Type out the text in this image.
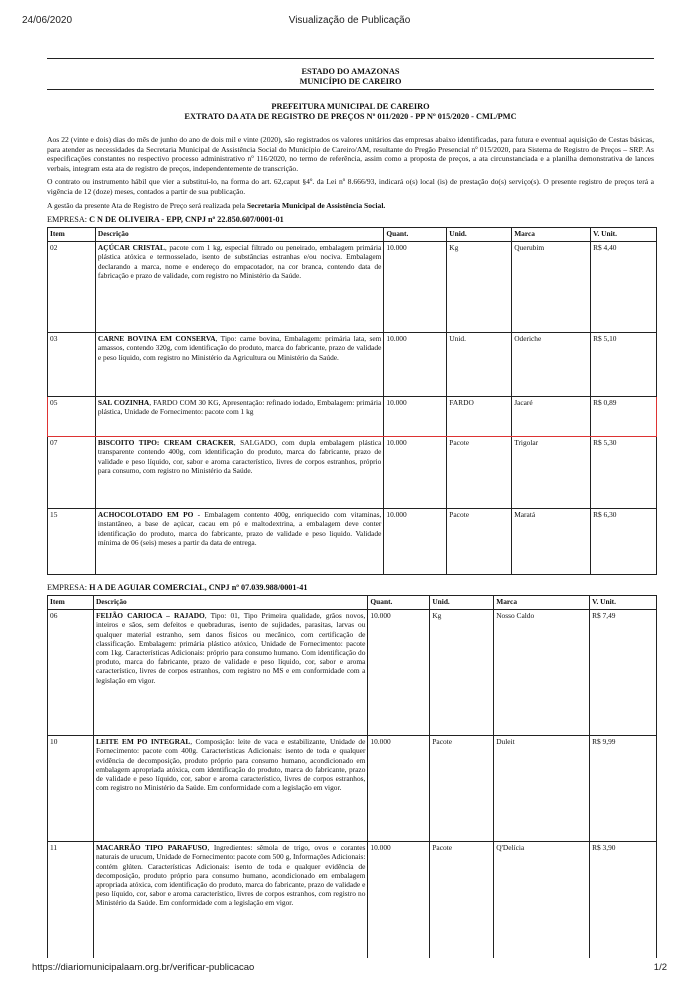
24/06/2020	Visualização de Publicação
ESTADO DO AMAZONAS
MUNICÍPIO DE CAREIRO
PREFEITURA MUNICIPAL DE CAREIRO
EXTRATO DA ATA DE REGISTRO DE PREÇOS Nº 011/2020 - PP Nº 015/2020 - CML/PMC

Aos 22 (vinte e dois) dias do mês de junho do ano de dois mil e vinte (2020), são registrados os valores unitários das empresas abaixo identificadas, para futura e eventual aquisição de Cestas básicas, para atender as necessidades da Secretaria Municipal de Assistência Social do Município de Careiro/AM, resultante do Pregão Presencial nº 015/2020, para Sistema de Registro de Preços – SRP. As especificações constantes no respectivo processo administrativo nº 116/2020, no termo de referência, assim como a proposta de preços, a ata circunstanciada e a planilha demonstrativa de lances verbais, integram esta ata de registro de preços, independentemente de transcrição.

O contrato ou instrumento hábil que vier a substituí-lo, na forma do art. 62,caput §4º. da Lei nº 8.666/93, indicará o(s) local (is) de prestação do(s) serviço(s). O presente registro de preços terá a vigência de 12 (doze) meses, contados a partir de sua publicação.

A gestão da presente Ata de Registro de Preço será realizada pela Secretaria Municipal de Assistência Social.

EMPRESA: C N DE OLIVEIRA - EPP, CNPJ nº 22.850.607/0001-01

Item	Descrição	Quant.	Unid.	Marca	V. Unit.
02	AÇÚCAR CRISTAL, pacote com 1 kg, especial filtrado ou peneirado, embalagem primária plástica atóxica e termosselado, isento de substâncias estranhas e/ou nociva. Embalagem declarando a marca, nome e endereço do empacotador, na cor branca, contendo data de fabricação e prazo de validade, com registro no Ministério da Saúde.	10.000	Kg	Querubim	R$ 4,40
03	CARNE BOVINA EM CONSERVA, Tipo: carne bovina, Embalagem: primária lata, sem amassos, contendo 320g, com identificação do produto, marca do fabricante, prazo de validade e peso líquido, com registro no Ministério da Agricultura ou Ministério da Saúde.	10.000	Unid.	Oderiche	R$ 5,10
05	SAL COZINHA, FARDO COM 30 KG, Apresentação: refinado iodado, Embalagem: primária plástica, Unidade de Fornecimento: pacote com 1 kg	10.000	FARDO	Jacaré	R$ 0,89
07	BISCOITO TIPO: CREAM CRACKER, SALGADO, com dupla embalagem plástica transparente contendo 400g, com identificação do produto, marca do fabricante, prazo de validade e peso líquido, cor, sabor e aroma característico, livres de corpos estranhos, próprio para consumo, com registro no Ministério da Saúde.	10.000	Pacote	Trigolar	R$ 5,30
15	ACHOCOLOTADO EM PO - Embalagem contento 400g, enriquecido com vitaminas, instantâneo, a base de açúcar, cacau em pó e maltodextrina, a embalagem deve conter identificação do produto, marca do fabricante, prazo de validade e peso liquido. Validade mínima de 06 (seis) meses a partir da data de entrega.	10.000	Pacote	Maratá	R$ 6,30

EMPRESA: H A DE AGUIAR COMERCIAL, CNPJ nº 07.039.988/0001-41

Item	Descrição	Quant.	Unid.	Marca	V. Unit.
06	FEIJÃO CARIOCA – RAJADO, Tipo: 01, Tipo Primeira qualidade, grãos novos, inteiros e sãos, sem defeitos e quebraduras, isento de sujidades, parasitas, larvas ou qualquer material estranho, sem danos físicos ou mecânico, com certificação de classificação. Embalagem: primária plástico atóxico, Unidade de Fornecimento: pacote com 1kg. Características Adicionais: próprio para consumo humano. Com identificação do produto, marca do fabricante, prazo de validade e peso líquido, cor, sabor e aroma característico, livres de corpos estranhos, com registro no MS e em conformidade com a legislação em vigor.	10.000	Kg	Nosso Caldo	R$ 7,49
10	LEITE EM PO INTEGRAL, Composição: leite de vaca e estabilizante, Unidade de Fornecimento: pacote com 400g. Características Adicionais: isento de toda e qualquer evidência de decomposição, produto próprio para consumo humano, acondicionado em embalagem apropriada atóxica, com identificação do produto, marca do fabricante, prazo de validade e peso líquido, cor, sabor e aroma característico, livres de corpos estranhos, com registro no Ministério da Saúde. Em conformidade com a legislação em vigor.	10.000	Pacote	Duleit	R$ 9,99
11	MACARRÃO TIPO PARAFUSO, Ingredientes: sêmola de trigo, ovos e corantes naturais de urucum, Unidade de Fornecimento: pacote com 500 g, Informações Adicionais: contém glúten. Características Adicionais: isento de toda e qualquer evidência de decomposição, produto próprio para consumo humano, acondicionado em embalagem apropriada atóxica, com identificação do produto, marca do fabricante, prazo de validade e peso líquido, cor, sabor e aroma característico, livres de corpos estranhos, com registro no Ministério da Saúde. Em conformidade com a legislação em vigor.	10.000	Pacote	Q'Delícia	R$ 3,90
https://diariomunicipalaam.org.br/verificar-publicacao	1/2
